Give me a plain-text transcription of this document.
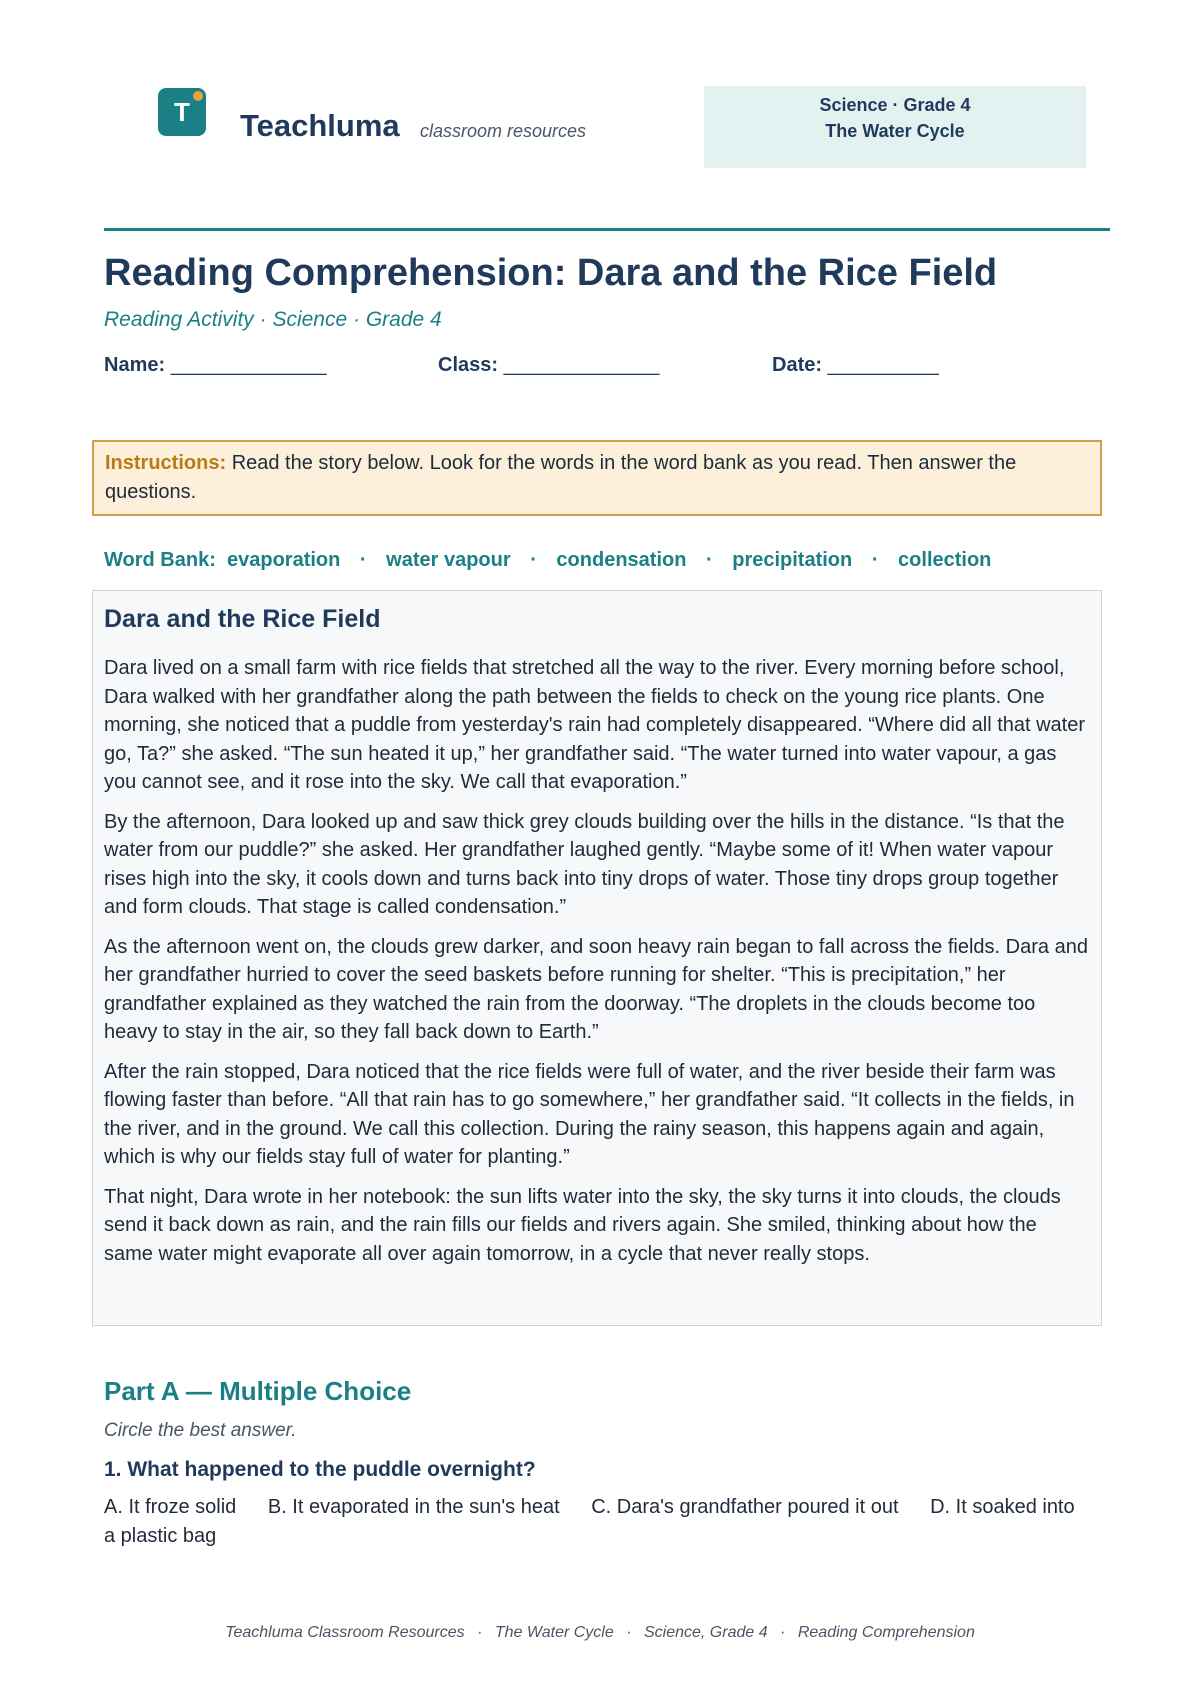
T Teachluma classroom resources
Science · Grade 4
The Water Cycle
Reading Comprehension: Dara and the Rice Field
Reading Activity · Science · Grade 4
Name: ______________	Class: ______________	Date: __________
Instructions: Read the story below. Look for the words in the word bank as you read. Then answer the questions.
Word Bank: evaporation · water vapour · condensation · precipitation · collection
Dara and the Rice Field

Dara lived on a small farm with rice fields that stretched all the way to the river. Every morning before school, Dara walked with her grandfather along the path between the fields to check on the young rice plants. One morning, she noticed that a puddle from yesterday's rain had completely disappeared. “Where did all that water go, Ta?” she asked. “The sun heated it up,” her grandfather said. “The water turned into water vapour, a gas you cannot see, and it rose into the sky. We call that evaporation.”

By the afternoon, Dara looked up and saw thick grey clouds building over the hills in the distance. “Is that the water from our puddle?” she asked. Her grandfather laughed gently. “Maybe some of it! When water vapour rises high into the sky, it cools down and turns back into tiny drops of water. Those tiny drops group together and form clouds. That stage is called condensation.”

As the afternoon went on, the clouds grew darker, and soon heavy rain began to fall across the fields. Dara and her grandfather hurried to cover the seed baskets before running for shelter. “This is precipitation,” her grandfather explained as they watched the rain from the doorway. “The droplets in the clouds become too heavy to stay in the air, so they fall back down to Earth.”

After the rain stopped, Dara noticed that the rice fields were full of water, and the river beside their farm was flowing faster than before. “All that rain has to go somewhere,” her grandfather said. “It collects in the fields, in the river, and in the ground. We call this collection. During the rainy season, this happens again and again, which is why our fields stay full of water for planting.”

That night, Dara wrote in her notebook: the sun lifts water into the sky, the sky turns it into clouds, the clouds send it back down as rain, and the rain fills our fields and rivers again. She smiled, thinking about how the same water might evaporate all over again tomorrow, in a cycle that never really stops.

Part A — Multiple Choice
Circle the best answer.
1. What happened to the puddle overnight?
A. It froze solid B. It evaporated in the sun's heat C. Dara's grandfather poured it out D. It soaked into a plastic bag
Teachluma Classroom Resources · The Water Cycle · Science, Grade 4 · Reading Comprehension
